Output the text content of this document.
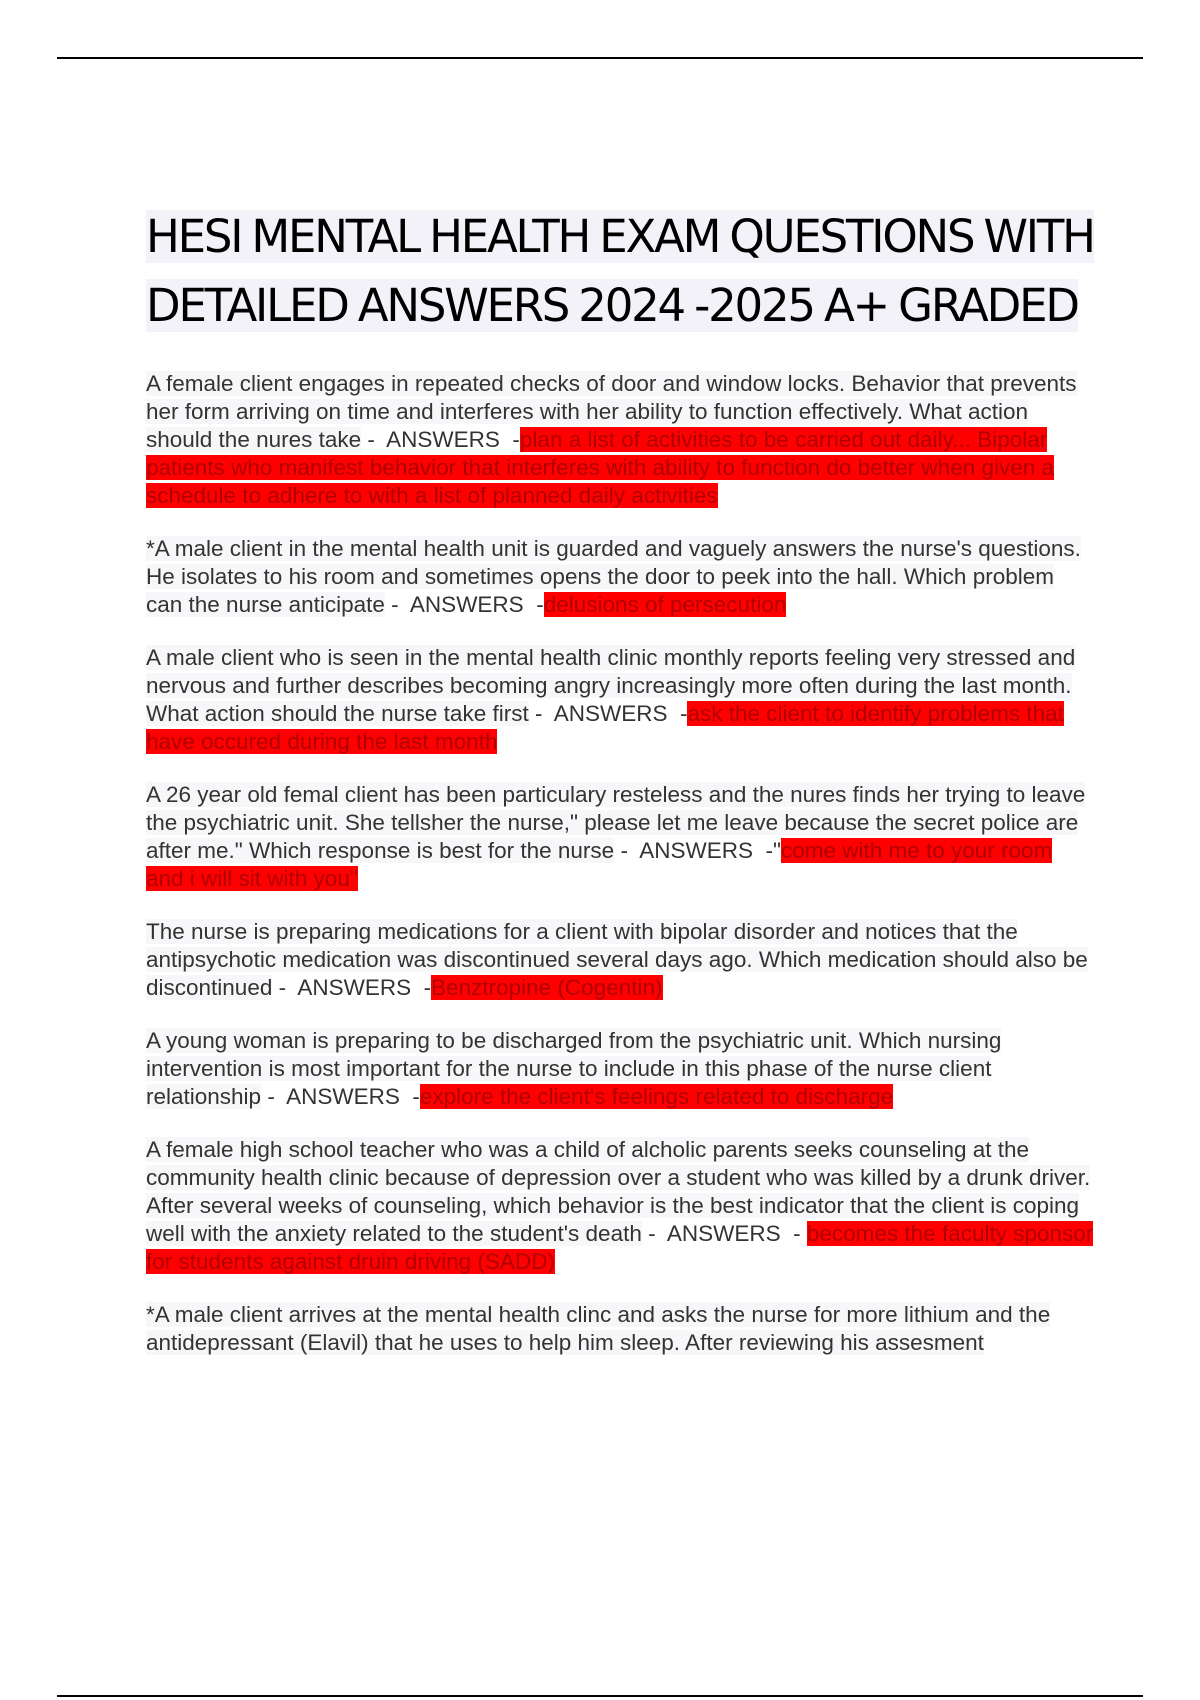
HESI MENTAL HEALTH EXAM QUESTIONS WITH DETAILED ANSWERS 2024 -2025 A+ GRADED

A female client engages in repeated checks of door and window locks. Behavior that prevents her form arriving on time and interferes with her ability to function effectively. What action should the nures take -  ANSWERS  -plan a list of activities to be carried out daily... Bipolar patients who manifest behavior that interferes with ability to function do better when given a schedule to adhere to with a list of planned daily activities

*A male client in the mental health unit is guarded and vaguely answers the nurse's questions. He isolates to his room and sometimes opens the door to peek into the hall. Which problem can the nurse anticipate -  ANSWERS  -delusions of persecution

A male client who is seen in the mental health clinic monthly reports feeling very stressed and nervous and further describes becoming angry increasingly more often during the last month. What action should the nurse take first -  ANSWERS  -ask the client to identify problems that have occured during the last month

A 26 year old femal client has been particulary resteless and the nures finds her trying to leave the psychiatric unit. She tellsher the nurse," please let me leave because the secret police are after me." Which response is best for the nurse -  ANSWERS  -"come with me to your room and i will sit with you"

The nurse is preparing medications for a client with bipolar disorder and notices that the antipsychotic medication was discontinued several days ago. Which medication should also be discontinued -  ANSWERS  -Benztropine (Cogentin)

A young woman is preparing to be discharged from the psychiatric unit. Which nursing intervention is most important for the nurse to include in this phase of the nurse client relationship -  ANSWERS  -explore the client's feelings related to discharge

A female high school teacher who was a child of alcholic parents seeks counseling at the community health clinic because of depression over a student who was killed by a drunk driver. After several weeks of counseling, which behavior is the best indicator that the client is coping well with the anxiety related to the student's death -  ANSWERS  - becomes the faculty sponsor for students against druin driving (SADD)

*A male client arrives at the mental health clinc and asks the nurse for more lithium and the antidepressant (Elavil) that he uses to help him sleep. After reviewing his assesment
